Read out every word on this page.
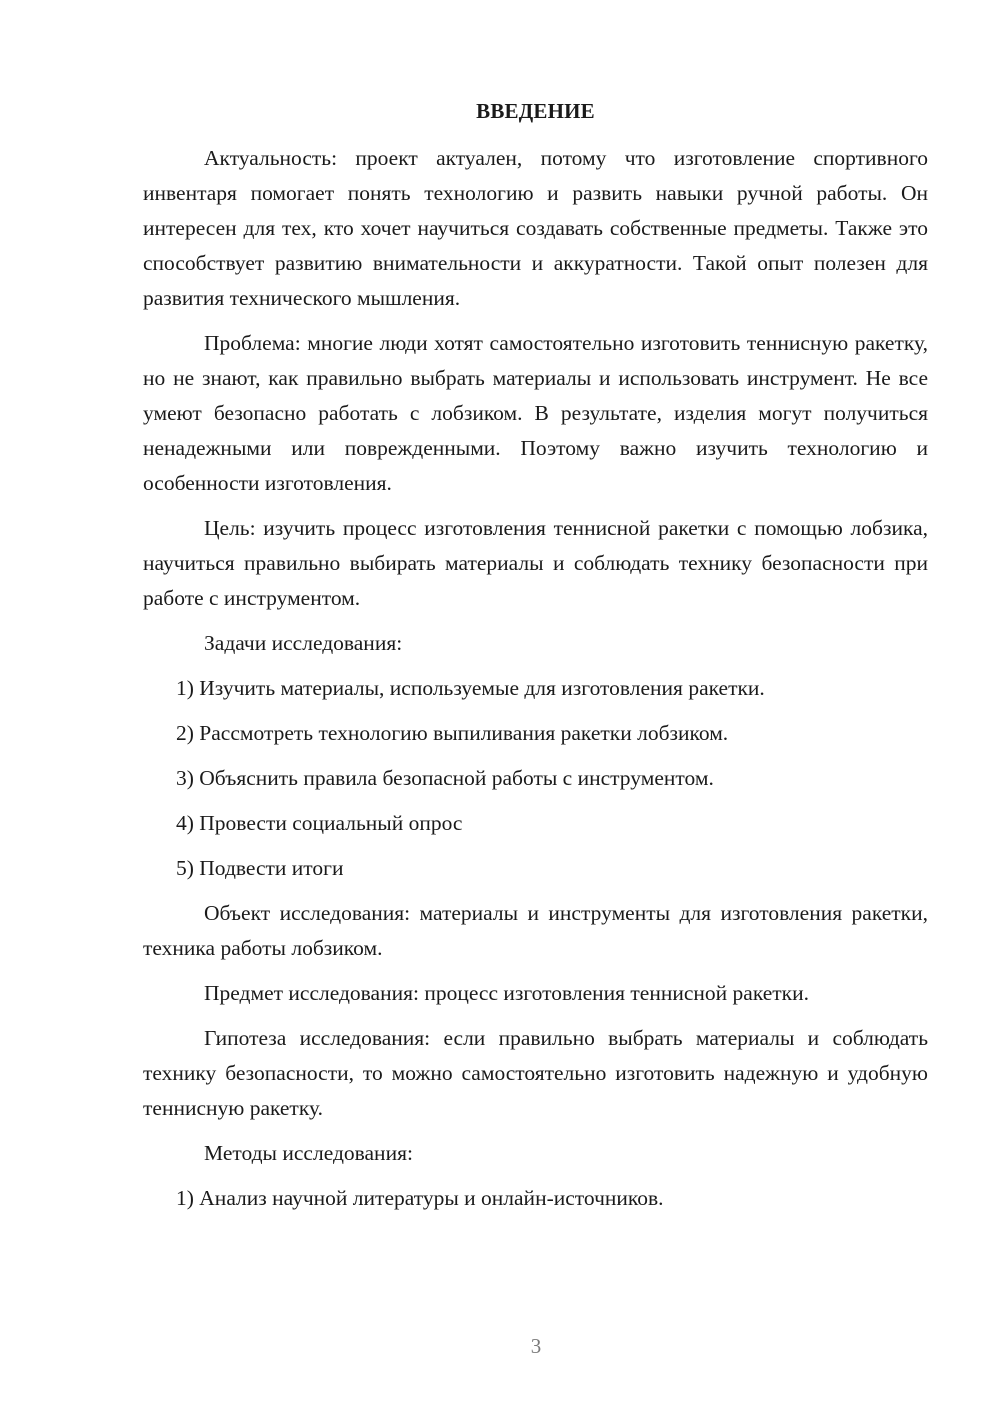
ВВЕДЕНИЕ

Актуальность: проект актуален, потому что изготовление спортивного инвентаря помогает понять технологию и развить навыки ручной работы. Он интересен для тех, кто хочет научиться создавать собственные предметы. Также это способствует развитию внимательности и аккуратности. Такой опыт полезен для развития технического мышления.

Проблема: многие люди хотят самостоятельно изготовить теннисную ракетку, но не знают, как правильно выбрать материалы и использовать инструмент. Не все умеют безопасно работать с лобзиком. В результате, изделия могут получиться ненадежными или поврежденными. Поэтому важно изучить технологию и особенности изготовления.

Цель: изучить процесс изготовления теннисной ракетки с помощью лобзика, научиться правильно выбирать материалы и соблюдать технику безопасности при работе с инструментом.

Задачи исследования:
1) Изучить материалы, используемые для изготовления ракетки.
2) Рассмотреть технологию выпиливания ракетки лобзиком.
3) Объяснить правила безопасной работы с инструментом.
4) Провести социальный опрос
5) Подвести итоги

Объект исследования: материалы и инструменты для изготовления ракетки, техника работы лобзиком.

Предмет исследования: процесс изготовления теннисной ракетки.

Гипотеза исследования: если правильно выбрать материалы и соблюдать технику безопасности, то можно самостоятельно изготовить надежную и удобную теннисную ракетку.

Методы исследования:
1) Анализ научной литературы и онлайн-источников.
3
